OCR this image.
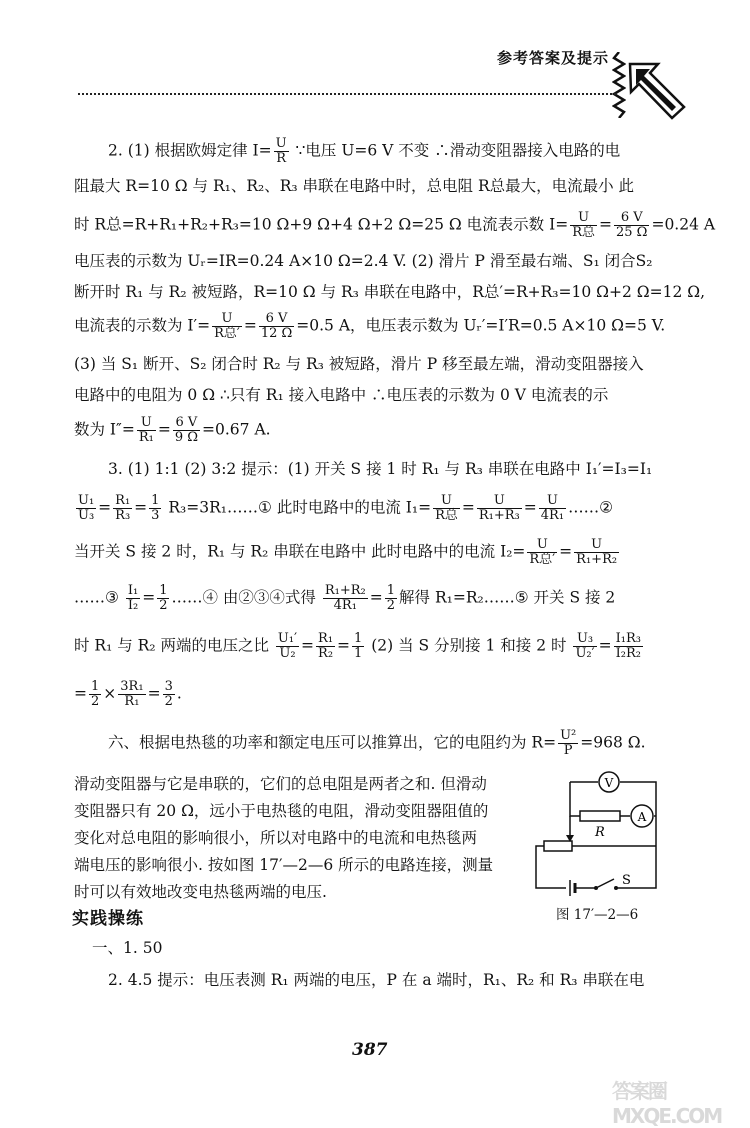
参考答案及提示
2. (1) 根据欧姆定律 $I= \frac{U}{R}$ ∵电压 U=6 V 不变 ∴滑动变阻器接入电路的电
阻最大 R=10 Ω 与 R₁、R₂、R₃ 串联在电路中时，总电阻 R总最大，电流最小 此
时 R总=R+R₁+R₂+R₃=10 Ω+9 Ω+4 Ω+2 Ω=25 Ω 电流表示数 $I= \frac{U}{\text{R总}} = \frac{6 V}{25 \Omega} =0.24$ A
电压表的示数为 Uᵣ=IR=0.24 A×10 Ω=2.4 V. (2) 滑片 P 滑至最右端、S₁ 闭合S₂
断开时 R₁ 与 R₂ 被短路，R=10 Ω 与 R₃ 串联在电路中，R总′=R+R₃=10 Ω+2 Ω=12 Ω,
电流表的示数为 $I'= \frac{U}{\text{R总′}} = \frac{6 V}{12 \Omega} =0.5$ A，电压表示数为 Uᵣ′=I′R=0.5 A×10 Ω=5 V.
(3) 当 S₁ 断开、S₂ 闭合时 R₂ 与 R₃ 被短路，滑片 P 移至最左端，滑动变阻器接入
电路中的电阻为 0 Ω ∴只有 R₁ 接入电路中 ∴电压表的示数为 0 V 电流表的示
数为 $I''= \frac{U}{\text{R₁}} = \frac{6 V}{9 \Omega} =0.67$ A.
3. (1) 1:1 (2) 3:2 提示：(1) 开关 S 接 1 时 R₁ 与 R₃ 串联在电路中 I₁′=I₃=I₁
$\frac{\text{U₁}}{\text{U₃}} = \frac{\text{R₁}}{\text{R₃}} = \frac{1}{3}$ R₃=3R₁……① 此时电路中的电流 $I_1= \frac{U}{\text{R总}} = \frac{U}{\text{R₁+R₃}} = \frac{U}{\text{4R₁}}$ ……②
当开关 S 接 2 时，R₁ 与 R₂ 串联在电路中 此时电路中的电流 $I_2= \frac{U}{\text{R总′}} = \frac{U}{\text{R₁+R₂}}$
……③ $\frac{\text{I₁}}{\text{I₂}} = \frac{1}{2}$ ……④ 由②③④式得 $\frac{\text{R₁+R₂}}{\text{4R₁}} = \frac{1}{2}$ 解得 R₁=R₂……⑤ 开关 S 接 2
时 R₁ 与 R₂ 两端的电压之比 $\frac{\text{U₁′}}{\text{U₂}} = \frac{\text{R₁}}{\text{R₂}} = \frac{1}{1} (2)$ 当 S 分别接 1 和接 2 时 $\frac{\text{U₃}}{\text{U₂′}} = \frac{\text{I₁R₃}}{\text{I₂R₂}}$
= $\frac{1}{2} \times \frac{\text{3R₁}}{\text{R₁}} = \frac{3}{2}$ .
六、根据电热毯的功率和额定电压可以推算出，它的电阻约为 $R= \frac{\text{U²}}{P} =968$ Ω.
滑动变阻器与它是串联的，它们的总电阻是两者之和. 但滑动
变阻器只有 20 Ω，远小于电热毯的电阻，滑动变阻器阻值的
变化对总电阻的影响很小，所以对电路中的电流和电热毯两
端电压的影响很小. 按如图 17′—2—6 所示的电路连接，测量
时可以有效地改变电热毯两端的电压.
V
A
R
S
图 17′—2—6
实践操练
一、1. 50
2. 4.5 提示：电压表测 R₁ 两端的电压，P 在 a 端时，R₁、R₂ 和 R₃ 串联在电
387
答案圈 MXQE.COM
